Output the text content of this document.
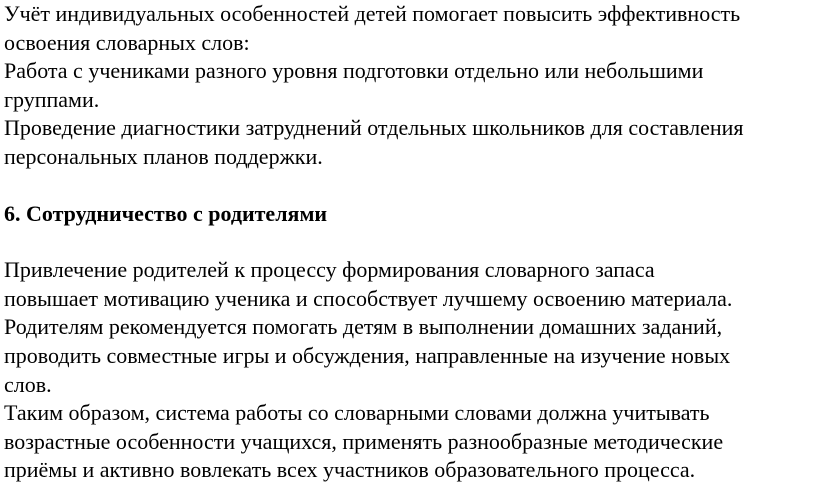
Учёт индивидуальных особенностей детей помогает повысить эффективность

освоения словарных слов:

Работа с учениками разного уровня подготовки отдельно или небольшими

группами.

Проведение диагностики затруднений отдельных школьников для составления

персональных планов поддержки.

6. Сотрудничество с родителями

Привлечение родителей к процессу формирования словарного запаса

повышает мотивацию ученика и способствует лучшему освоению материала.

Родителям рекомендуется помогать детям в выполнении домашних заданий,

проводить совместные игры и обсуждения, направленные на изучение новых

слов.

Таким образом, система работы со словарными словами должна учитывать

возрастные особенности учащихся, применять разнообразные методические

приёмы и активно вовлекать всех участников образовательного процесса.
